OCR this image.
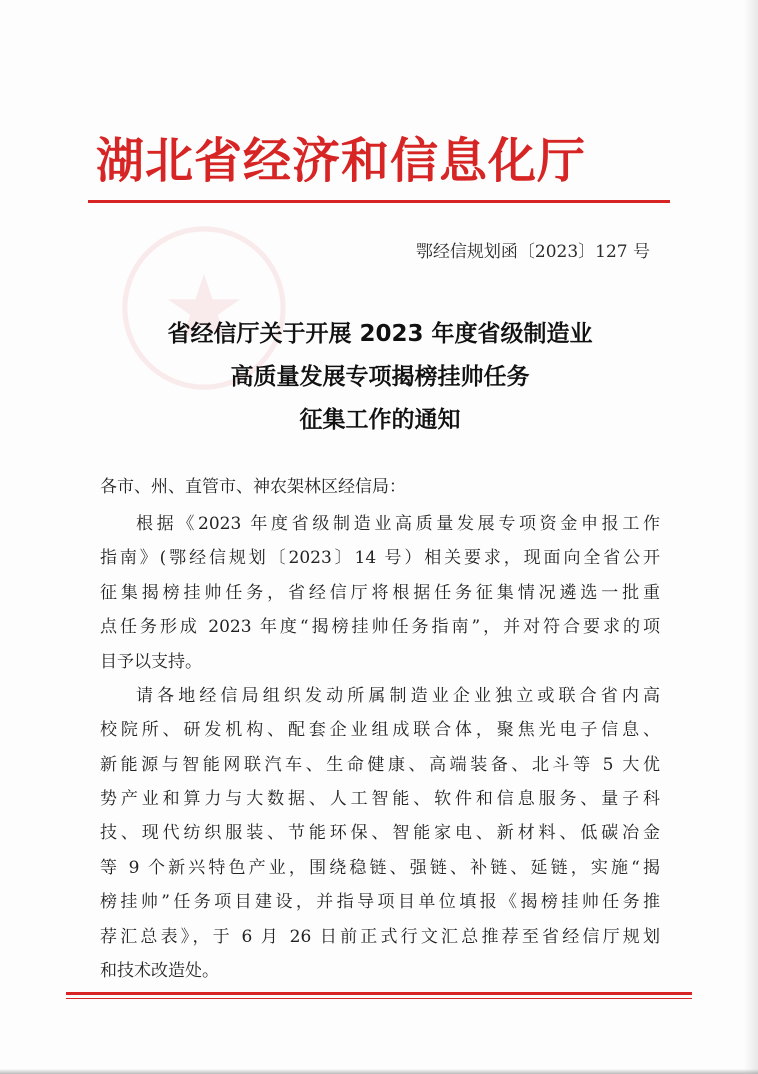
湖北省经济和信息化厅
鄂经信规划函〔2023〕127 号
省经信厅关于开展 2023 年度省级制造业
高质量发展专项揭榜挂帅任务
征集工作的通知
各市、州、直管市、神农架林区经信局：
根据《2023 年度省级制造业高质量发展专项资金申报工作
指南》(鄂经信规划〔2023〕14 号）相关要求，现面向全省公开
征集揭榜挂帅任务，省经信厅将根据任务征集情况遴选一批重
点任务形成 2023 年度“揭榜挂帅任务指南”，并对符合要求的项
目予以支持。
请各地经信局组织发动所属制造业企业独立或联合省内高
校院所、研发机构、配套企业组成联合体，聚焦光电子信息、
新能源与智能网联汽车、生命健康、高端装备、北斗等 5 大优
势产业和算力与大数据、人工智能、软件和信息服务、量子科
技、现代纺织服装、节能环保、智能家电、新材料、低碳冶金
等 9 个新兴特色产业，围绕稳链、强链、补链、延链，实施“揭
榜挂帅”任务项目建设，并指导项目单位填报《揭榜挂帅任务推
荐汇总表》，于 6 月 26 日前正式行文汇总推荐至省经信厅规划
和技术改造处。
